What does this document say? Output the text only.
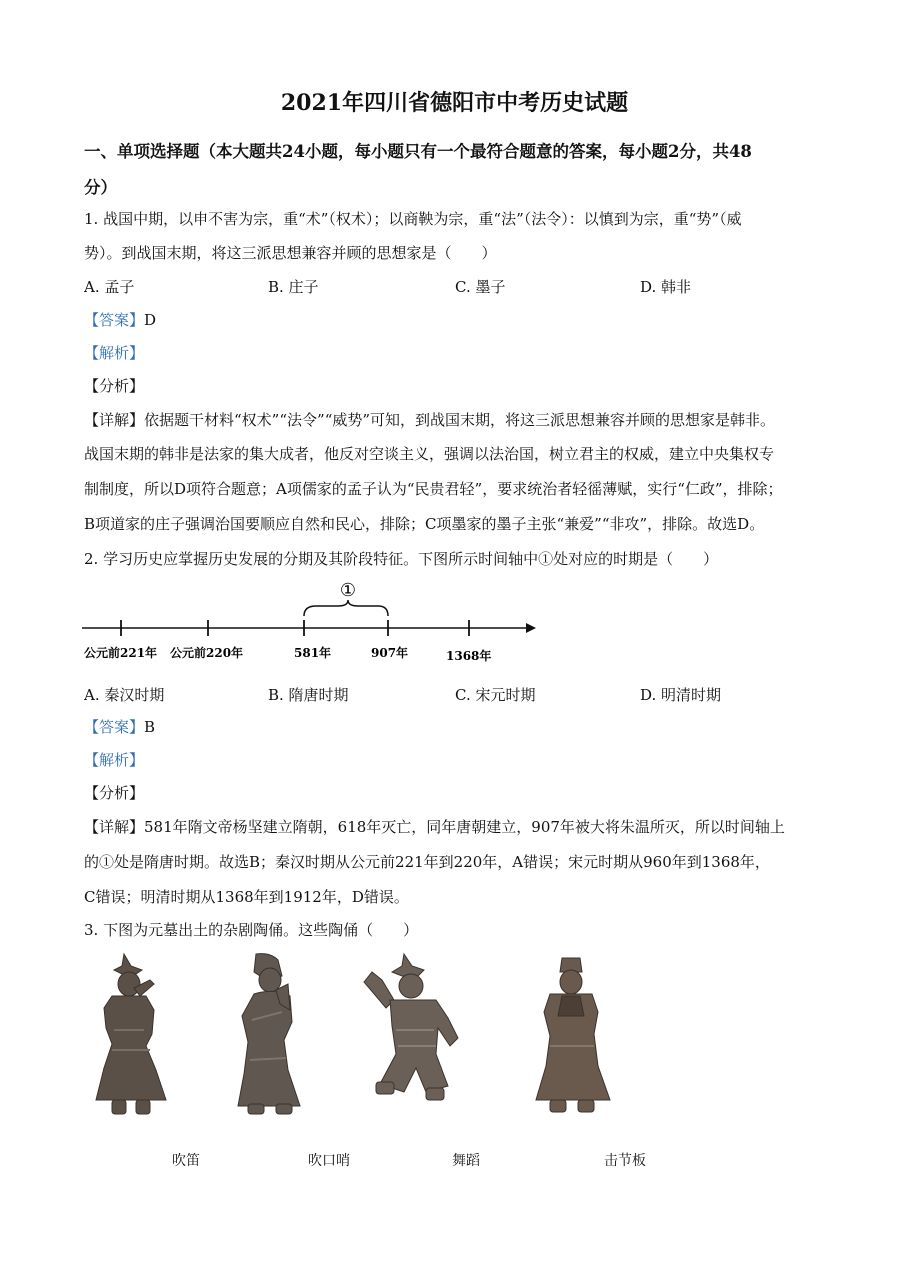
2021年四川省德阳市中考历史试题
一、单项选择题（本大题共24小题，每小题只有一个最符合题意的答案，每小题2分，共48
分）
1. 战国中期，以申不害为宗，重“术”（权术）；以商鞅为宗，重“法”（法令）：以慎到为宗，重“势”（威
势）。到战国末期，将这三派思想兼容并顾的思想家是（　　）
A. 孟子	B. 庄子	C. 墨子	D. 韩非
【答案】D
【解析】
【分析】
【详解】依据题干材料“权术”“法令”“威势”可知，到战国末期，将这三派思想兼容并顾的思想家是韩非。
战国末期的韩非是法家的集大成者，他反对空谈主义，强调以法治国，树立君主的权威，建立中央集权专
制制度，所以D项符合题意；A项儒家的孟子认为“民贵君轻”，要求统治者轻徭薄赋，实行“仁政”，排除；
B项道家的庄子强调治国要顺应自然和民心，排除；C项墨家的墨子主张“兼爱”“非攻”，排除。故选D。
2. 学习历史应掌握历史发展的分期及其阶段特征。下图所示时间轴中①处对应的时期是（　　）
①
公元前221年 公元前220年	581年	907年	1368年
A. 秦汉时期	B. 隋唐时期	C. 宋元时期	D. 明清时期
【答案】B
【解析】
【分析】
【详解】581年隋文帝杨坚建立隋朝，618年灭亡，同年唐朝建立，907年被大将朱温所灭，所以时间轴上
的①处是隋唐时期。故选B；秦汉时期从公元前221年到220年，A错误；宋元时期从960年到1368年，
C错误；明清时期从1368年到1912年，D错误。
3. 下图为元墓出土的杂剧陶俑。这些陶俑（　　）
吹笛	吹口哨	舞蹈	击节板
